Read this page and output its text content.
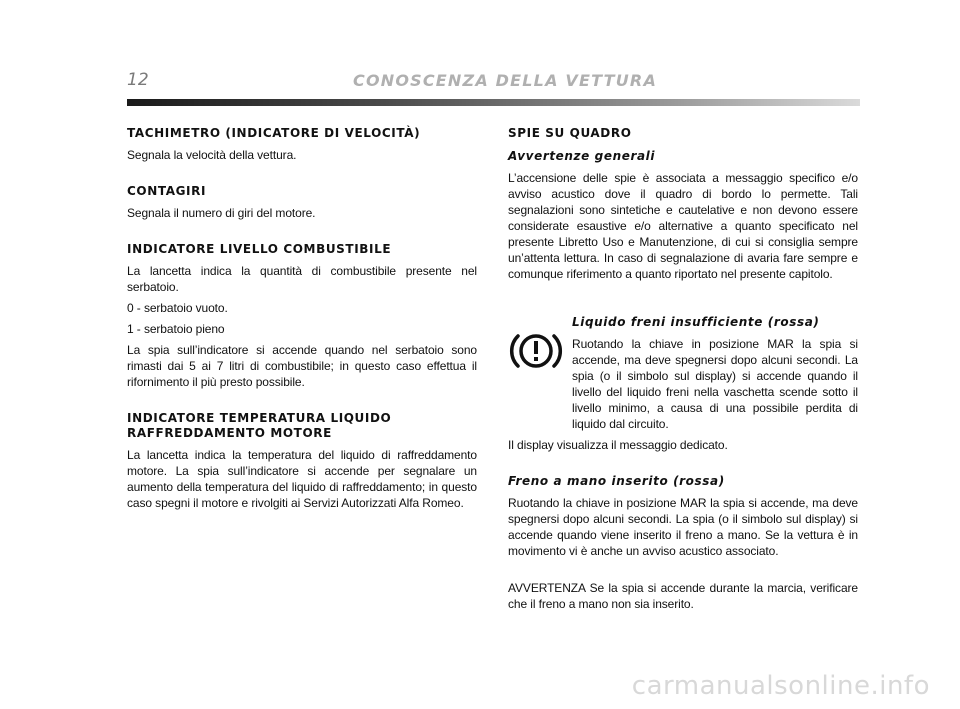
12	CONOSCENZA DELLA VETTURA
TACHIMETRO (INDICATORE DI VELOCITÀ)

Segnala la velocità della vettura.

CONTAGIRI

Segnala il numero di giri del motore.

INDICATORE LIVELLO COMBUSTIBILE

La lancetta indica la quantità di combustibile presente nel serbatoio.

0 - serbatoio vuoto.

1 - serbatoio pieno

La spia sull’indicatore si accende quando nel serbatoio sono rimasti dai 5 ai 7 litri di combustibile; in questo caso effettua il rifornimento il più presto possibile.

INDICATORE TEMPERATURA LIQUIDO
RAFFREDDAMENTO MOTORE

La lancetta indica la temperatura del liquido di raffreddamento motore. La spia sull’indicatore si accende per segnalare un aumento della temperatura del liquido di raffreddamento; in questo caso spegni il motore e rivolgiti ai Servizi Autorizzati Alfa Romeo.

SPIE SU QUADRO
Avvertenze generali

L’accensione delle spie è associata a messaggio specifico e/o avviso acustico dove il quadro di bordo lo permette. Tali segnalazioni sono sintetiche e cautelative e non devono essere considerate esaustive e/o alternative a quanto specificato nel presente Libretto Uso e Manutenzione, di cui si consiglia sempre un’attenta lettura. In caso di segnalazione di avaria fare sempre e comunque riferimento a quanto riportato nel presente capitolo.

Liquido freni insufficiente (rossa)

Ruotando la chiave in posizione MAR la spia si accende, ma deve spegnersi dopo alcuni secondi. La spia (o il simbolo sul display) si accende quando il livello del liquido freni nella vaschetta scende sotto il livello minimo, a causa di una possibile perdita di liquido dal circuito.

Il display visualizza il messaggio dedicato.

Freno a mano inserito (rossa)

Ruotando la chiave in posizione MAR la spia si accende, ma deve spegnersi dopo alcuni secondi. La spia (o il simbolo sul display) si accende quando viene inserito il freno a mano. Se la vettura è in movimento vi è anche un avviso acustico associato.

AVVERTENZA Se la spia si accende durante la marcia, verificare che il freno a mano non sia inserito.

carmanualsonline.info
